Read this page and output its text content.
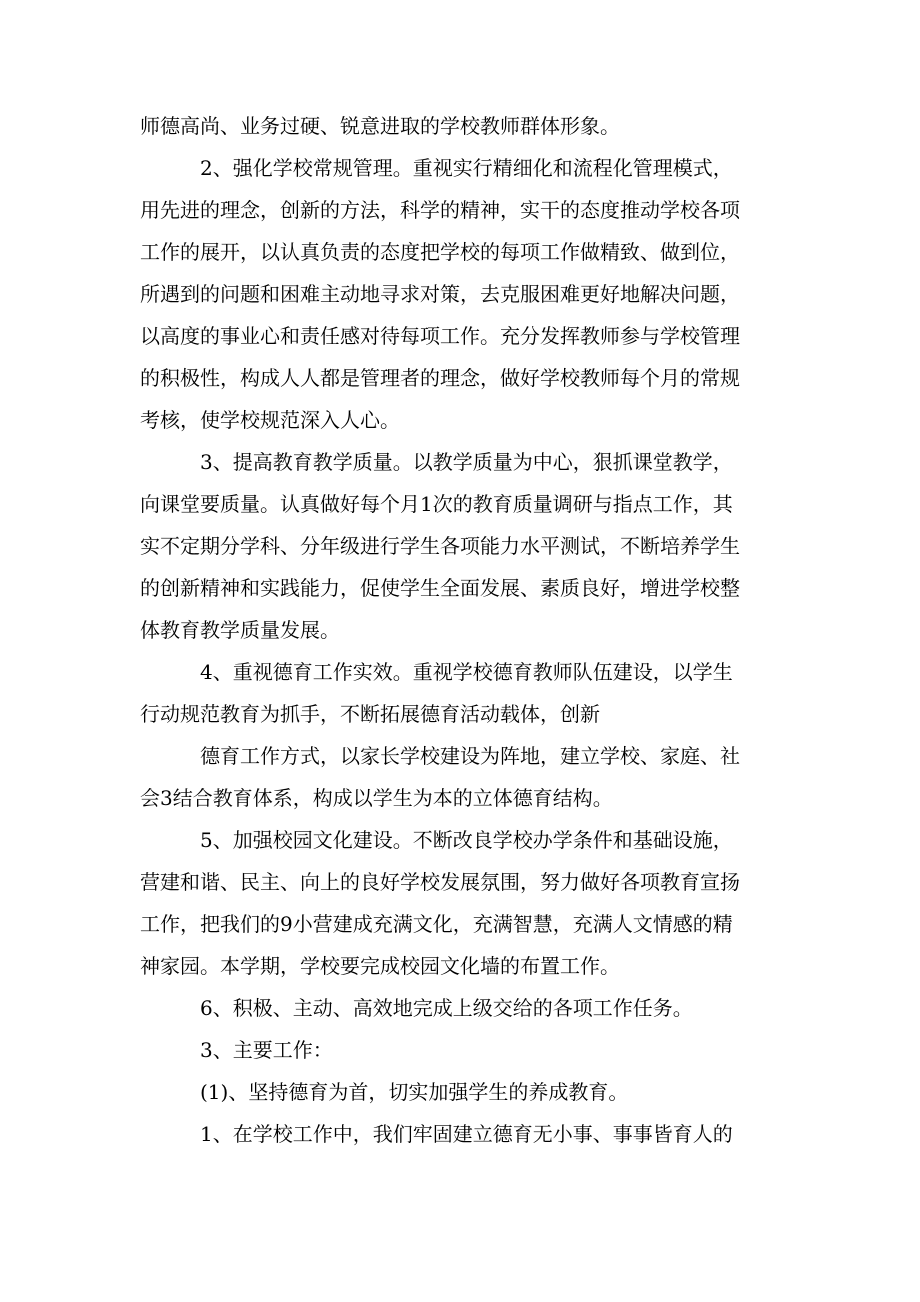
师德高尚、业务过硬、锐意进取的学校教师群体形象。
2、强化学校常规管理。重视实行精细化和流程化管理模式，
用先进的理念，创新的方法，科学的精神，实干的态度推动学校各项
工作的展开，以认真负责的态度把学校的每项工作做精致、做到位，
所遇到的问题和困难主动地寻求对策，去克服困难更好地解决问题，
以高度的事业心和责任感对待每项工作。充分发挥教师参与学校管理
的积极性，构成人人都是管理者的理念，做好学校教师每个月的常规
考核，使学校规范深入人心。
3、提高教育教学质量。以教学质量为中心，狠抓课堂教学，
向课堂要质量。认真做好每个月1次的教育质量调研与指点工作，其
实不定期分学科、分年级进行学生各项能力水平测试，不断培养学生
的创新精神和实践能力，促使学生全面发展、素质良好，增进学校整
体教育教学质量发展。
4、重视德育工作实效。重视学校德育教师队伍建设，以学生
行动规范教育为抓手，不断拓展德育活动载体，创新
德育工作方式，以家长学校建设为阵地，建立学校、家庭、社
会3结合教育体系，构成以学生为本的立体德育结构。
5、加强校园文化建设。不断改良学校办学条件和基础设施，
营建和谐、民主、向上的良好学校发展氛围，努力做好各项教育宣扬
工作，把我们的9小营建成充满文化，充满智慧，充满人文情感的精
神家园。本学期，学校要完成校园文化墙的布置工作。
6、积极、主动、高效地完成上级交给的各项工作任务。
3、主要工作：
(1)、坚持德育为首，切实加强学生的养成教育。
1、在学校工作中，我们牢固建立德育无小事、事事皆育人的
